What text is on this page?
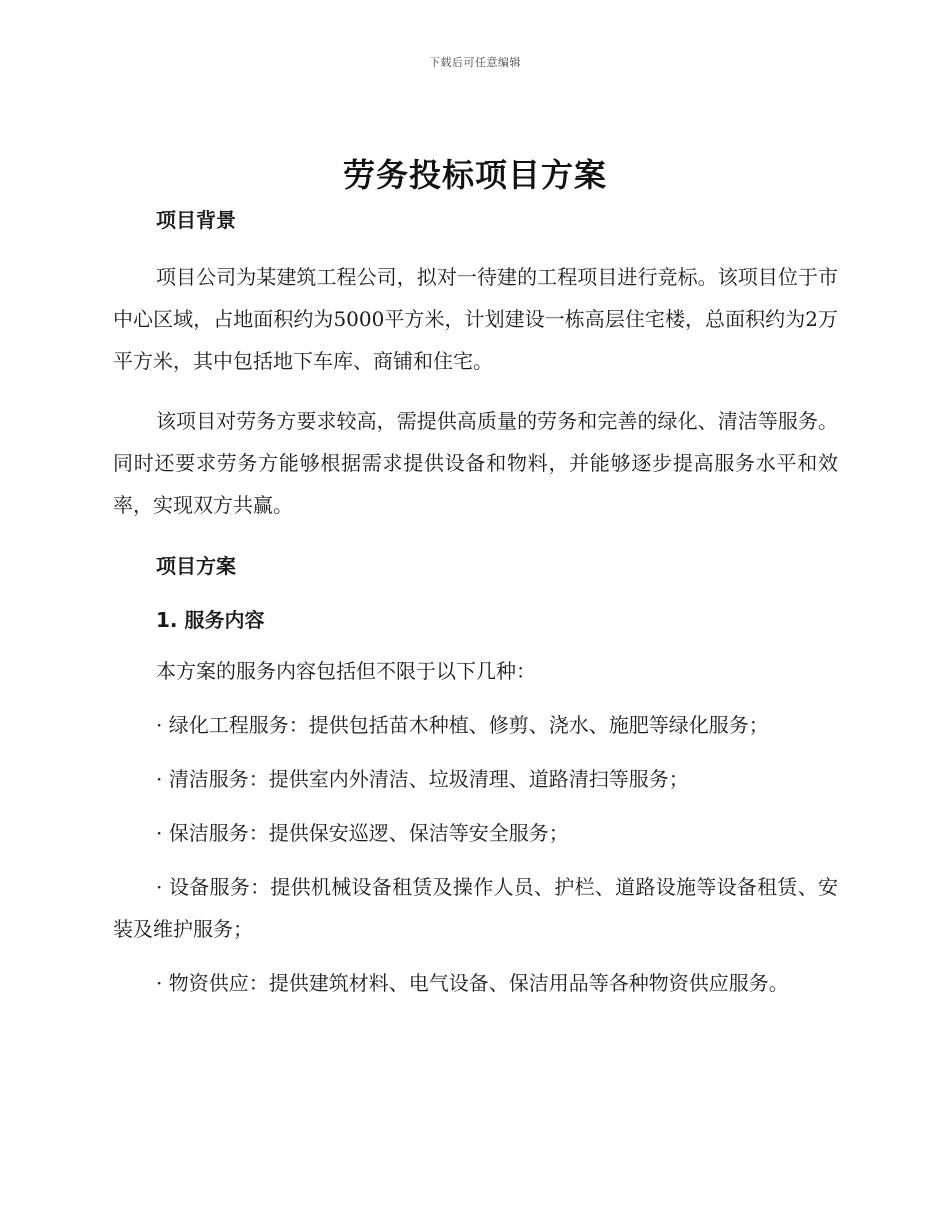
下载后可任意编辑
劳务投标项目方案

项目背景

项目公司为某建筑工程公司，拟对一待建的工程项目进行竞标。该项目位于市中心区域，占地面积约为5000平方米，计划建设一栋高层住宅楼，总面积约为2万平方米，其中包括地下车库、商铺和住宅。

该项目对劳务方要求较高，需提供高质量的劳务和完善的绿化、清洁等服务。同时还要求劳务方能够根据需求提供设备和物料，并能够逐步提高服务水平和效率，实现双方共赢。

项目方案

1. 服务内容

本方案的服务内容包括但不限于以下几种：

· 绿化工程服务：提供包括苗木种植、修剪、浇水、施肥等绿化服务；

· 清洁服务：提供室内外清洁、垃圾清理、道路清扫等服务；

· 保洁服务：提供保安巡逻、保洁等安全服务；

· 设备服务：提供机械设备租赁及操作人员、护栏、道路设施等设备租赁、安装及维护服务；

· 物资供应：提供建筑材料、电气设备、保洁用品等各种物资供应服务。
